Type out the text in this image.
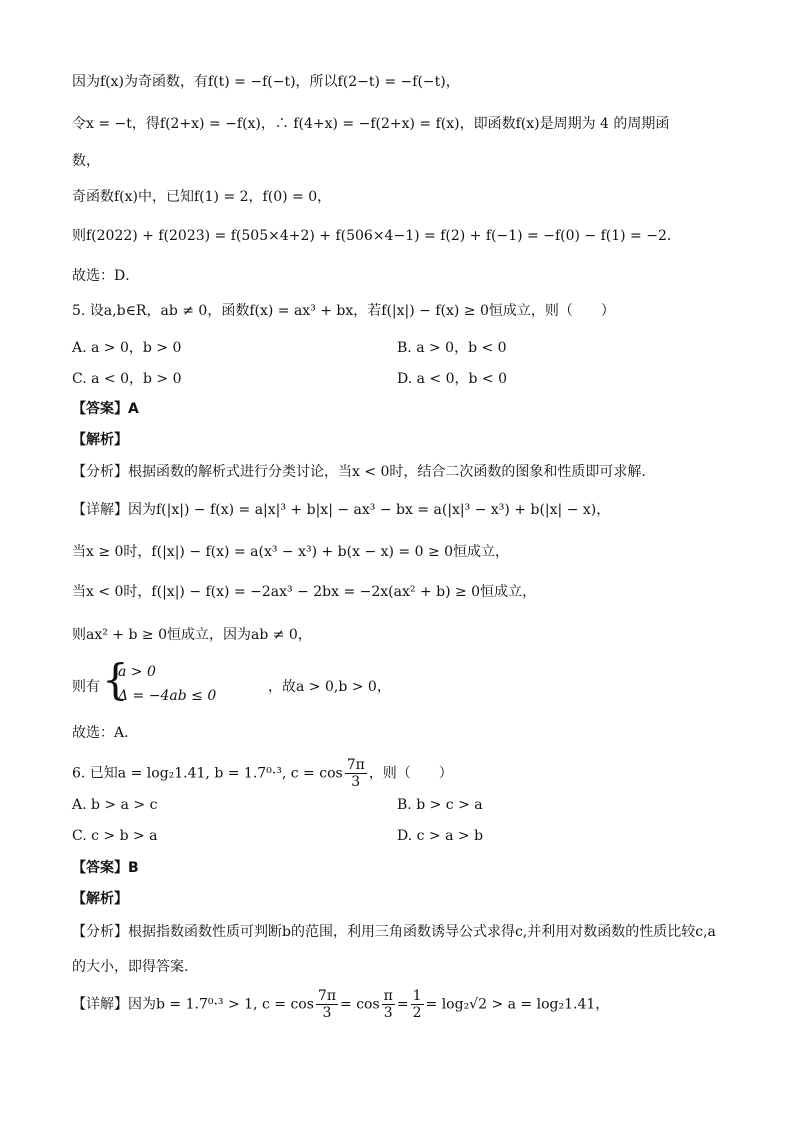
因为f(x)为奇函数，有f(t) = −f(−t)，所以f(2−t) = −f(−t)，
令x = −t，得f(2+x) = −f(x)，∴ f(4+x) = −f(2+x) = f(x)，即函数f(x)是周期为 4 的周期函
数，
奇函数f(x)中，已知f(1) = 2，f(0) = 0，
则f(2022) + f(2023) = f(505×4+2) + f(506×4−1) = f(2) + f(−1) = −f(0) − f(1) = −2．
故选：D．
5. 设a,b∈R，ab ≠ 0，函数f(x) = ax³ + bx，若f(|x|) − f(x) ≥ 0恒成立，则（　　）
A. a > 0，b > 0	B. a > 0，b < 0
C. a < 0，b > 0	D. a < 0，b < 0
【答案】A
【解析】
【分析】根据函数的解析式进行分类讨论，当x < 0时，结合二次函数的图象和性质即可求解.
【详解】因为f(|x|) − f(x) = a|x|³ + b|x| − ax³ − bx = a(|x|³ − x³) + b(|x| − x)，
当x ≥ 0时，f(|x|) − f(x) = a(x³ − x³) + b(x − x) = 0 ≥ 0恒成立，
当x < 0时，f(|x|) − f(x) = −2ax³ − 2bx = −2x(ax² + b) ≥ 0恒成立，
则ax² + b ≥ 0恒成立，因为ab ≠ 0，
则有 {
a > 0
Δ = −4ab ≤ 0
，故a > 0,b > 0，
故选：A．
6. 已知a = log₂1.41, b = 1.7⁰·³, $c = \cos \frac{7\pi}{3}$ ，则（　　）
A. b > a > c	B. b > c > a
C. c > b > a	D. c > a > b
【答案】B
【解析】
【分析】根据指数函数性质可判断b的范围，利用三角函数诱导公式求得c,并利用对数函数的性质比较c,a
的大小，即得答案.
【详解】因为b = 1.7⁰·³ > 1, $c = \cos \frac{7\pi}{3} = \cos \frac{\pi}{3} = \frac{1}{2} = \log_2√2 > a = \log_21.41$，
